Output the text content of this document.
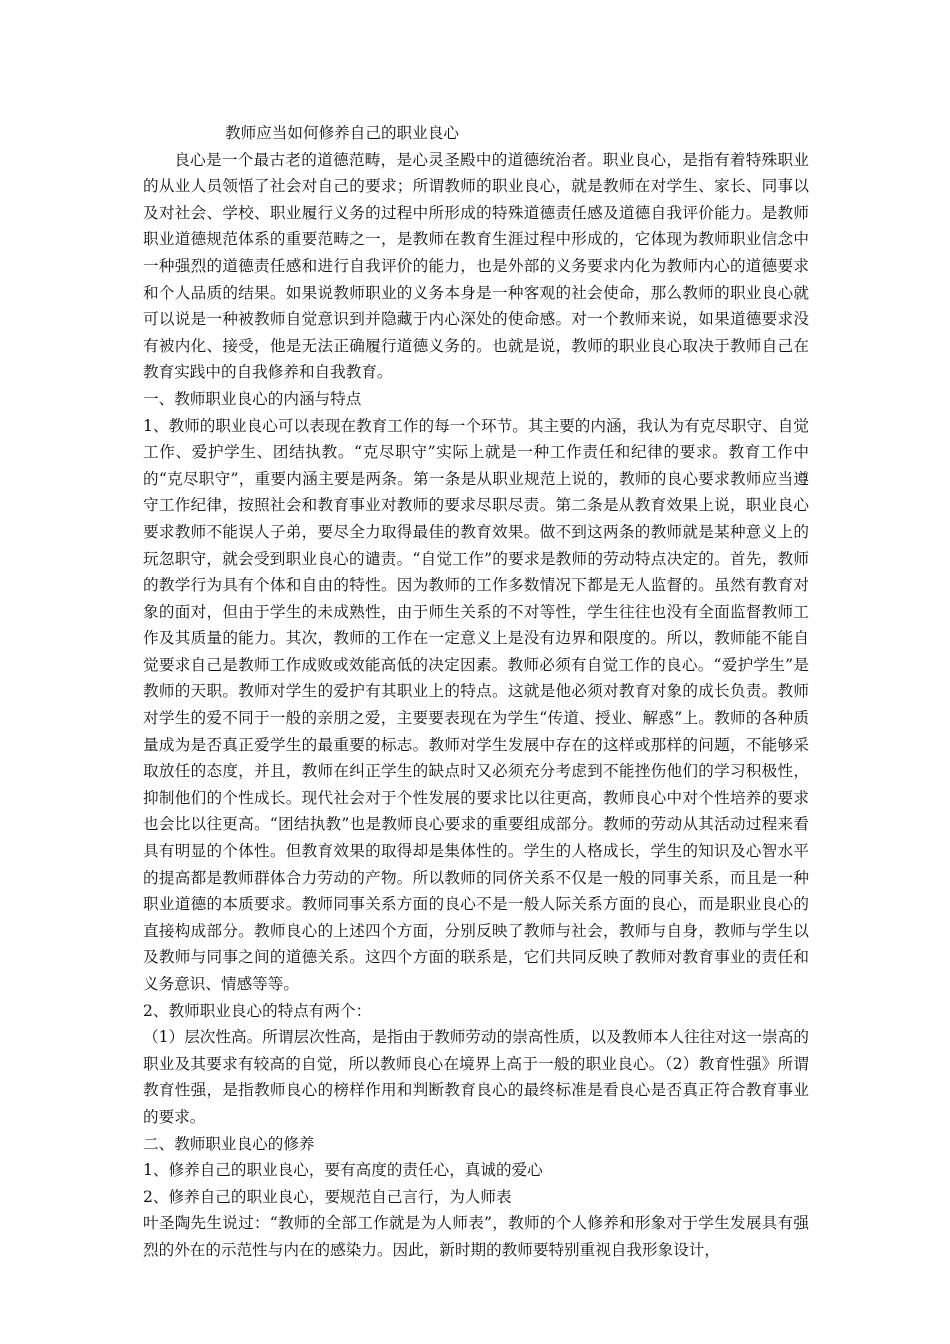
教师应当如何修养自己的职业良心

良心是一个最古老的道德范畴，是心灵圣殿中的道德统治者。职业良心，是指有着特殊职业的从业人员领悟了社会对自己的要求；所谓教师的职业良心，就是教师在对学生、家长、同事以及对社会、学校、职业履行义务的过程中所形成的特殊道德责任感及道德自我评价能力。是教师职业道德规范体系的重要范畴之一，是教师在教育生涯过程中形成的，它体现为教师职业信念中一种强烈的道德责任感和进行自我评价的能力，也是外部的义务要求内化为教师内心的道德要求和个人品质的结果。如果说教师职业的义务本身是一种客观的社会使命，那么教师的职业良心就可以说是一种被教师自觉意识到并隐藏于内心深处的使命感。对一个教师来说，如果道德要求没有被内化、接受，他是无法正确履行道德义务的。也就是说，教师的职业良心取决于教师自己在教育实践中的自我修养和自我教育。

一、教师职业良心的内涵与特点

1、教师的职业良心可以表现在教育工作的每一个环节。其主要的内涵，我认为有克尽职守、自觉工作、爱护学生、团结执教。“克尽职守”实际上就是一种工作责任和纪律的要求。教育工作中的“克尽职守”，重要内涵主要是两条。第一条是从职业规范上说的，教师的良心要求教师应当遵守工作纪律，按照社会和教育事业对教师的要求尽职尽责。第二条是从教育效果上说，职业良心要求教师不能误人子弟，要尽全力取得最佳的教育效果。做不到这两条的教师就是某种意义上的玩忽职守，就会受到职业良心的谴责。“自觉工作”的要求是教师的劳动特点决定的。首先，教师的教学行为具有个体和自由的特性。因为教师的工作多数情况下都是无人监督的。虽然有教育对象的面对，但由于学生的未成熟性，由于师生关系的不对等性，学生往往也没有全面监督教师工作及其质量的能力。其次，教师的工作在一定意义上是没有边界和限度的。所以，教师能不能自觉要求自己是教师工作成败或效能高低的决定因素。教师必须有自觉工作的良心。“爱护学生”是教师的天职。教师对学生的爱护有其职业上的特点。这就是他必须对教育对象的成长负责。教师对学生的爱不同于一般的亲朋之爱，主要要表现在为学生“传道、授业、解惑”上。教师的各种质量成为是否真正爱学生的最重要的标志。教师对学生发展中存在的这样或那样的问题，不能够采取放任的态度，并且，教师在纠正学生的缺点时又必须充分考虑到不能挫伤他们的学习积极性，抑制他们的个性成长。现代社会对于个性发展的要求比以往更高，教师良心中对个性培养的要求也会比以往更高。“团结执教”也是教师良心要求的重要组成部分。教师的劳动从其活动过程来看具有明显的个体性。但教育效果的取得却是集体性的。学生的人格成长，学生的知识及心智水平的提高都是教师群体合力劳动的产物。所以教师的同侪关系不仅是一般的同事关系，而且是一种职业道德的本质要求。教师同事关系方面的良心不是一般人际关系方面的良心，而是职业良心的直接构成部分。教师良心的上述四个方面，分别反映了教师与社会，教师与自身，教师与学生以及教师与同事之间的道德关系。这四个方面的联系是，它们共同反映了教师对教育事业的责任和义务意识、情感等等。

2、教师职业良心的特点有两个：

（1）层次性高。所谓层次性高，是指由于教师劳动的崇高性质，以及教师本人往往对这一崇高的职业及其要求有较高的自觉，所以教师良心在境界上高于一般的职业良心。（2）教育性强》所谓教育性强，是指教师良心的榜样作用和判断教育良心的最终标准是看良心是否真正符合教育事业的要求。

二、教师职业良心的修养

1、修养自己的职业良心，要有高度的责任心，真诚的爱心

2、修养自己的职业良心，要规范自己言行，为人师表

叶圣陶先生说过：“教师的全部工作就是为人师表”，教师的个人修养和形象对于学生发展具有强烈的外在的示范性与内在的感染力。因此，新时期的教师要特别重视自我形象设计，
